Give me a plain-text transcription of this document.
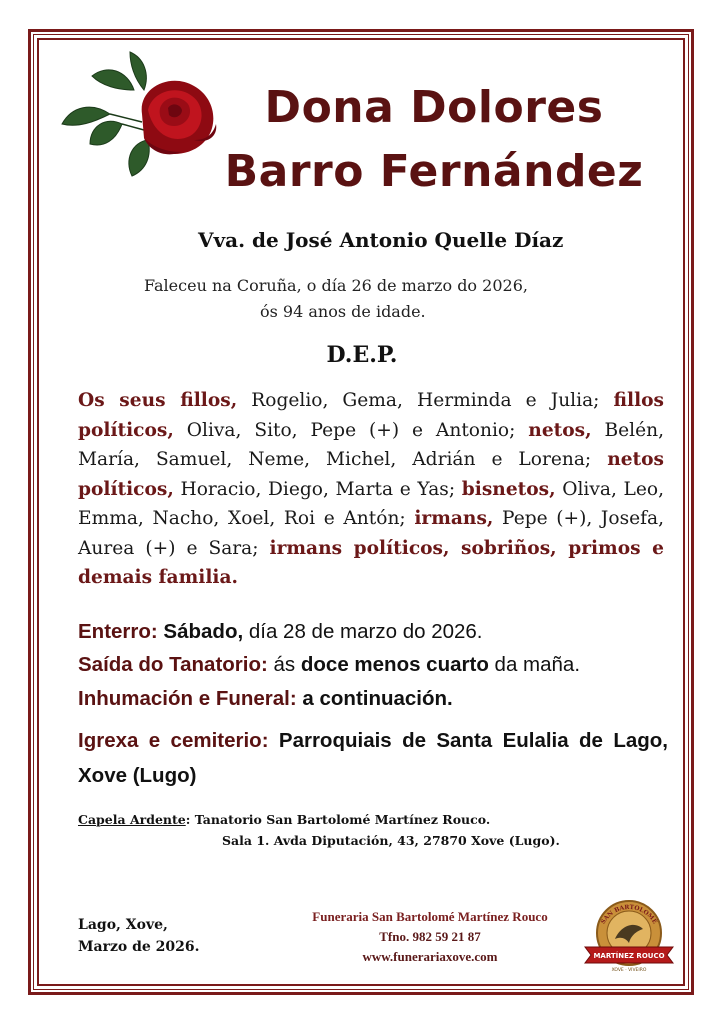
Dona Dolores
Barro Fernández
Vva. de José Antonio Quelle Díaz
Faleceu na Coruña, o día 26 de marzo do 2026,
ós 94 anos de idade.
D.E.P.
Os seus fillos, Rogelio, Gema, Herminda e Julia; fillos políticos, Oliva, Sito, Pepe (+) e Antonio; netos, Belén, María, Samuel, Neme, Michel, Adrián e Lorena; netos políticos, Horacio, Diego, Marta e Yas; bisnetos, Oliva, Leo, Emma, Nacho, Xoel, Roi e Antón; irmans, Pepe (+), Josefa, Aurea (+) e Sara; irmans políticos, sobriños, primos e demais familia.
Enterro: Sábado, día 28 de marzo do 2026.
Saída do Tanatorio: ás doce menos cuarto da maña.
Inhumación e Funeral: a continuación.
Igrexa e cemiterio: Parroquiais de Santa Eulalia de Lago, Xove (Lugo)
Capela Ardente: Tanatorio San Bartolomé Martínez Rouco.
Sala 1. Avda Diputación, 43, 27870 Xove (Lugo).
Lago, Xove,
Marzo de 2026.
Funeraria San Bartolomé Martínez Rouco
Tfno. 982 59 21 87
www.funerariaxove.com
SAN BARTOLOMÉ
MARTÍNEZ ROUCO
XOVE · VIVEIRO
